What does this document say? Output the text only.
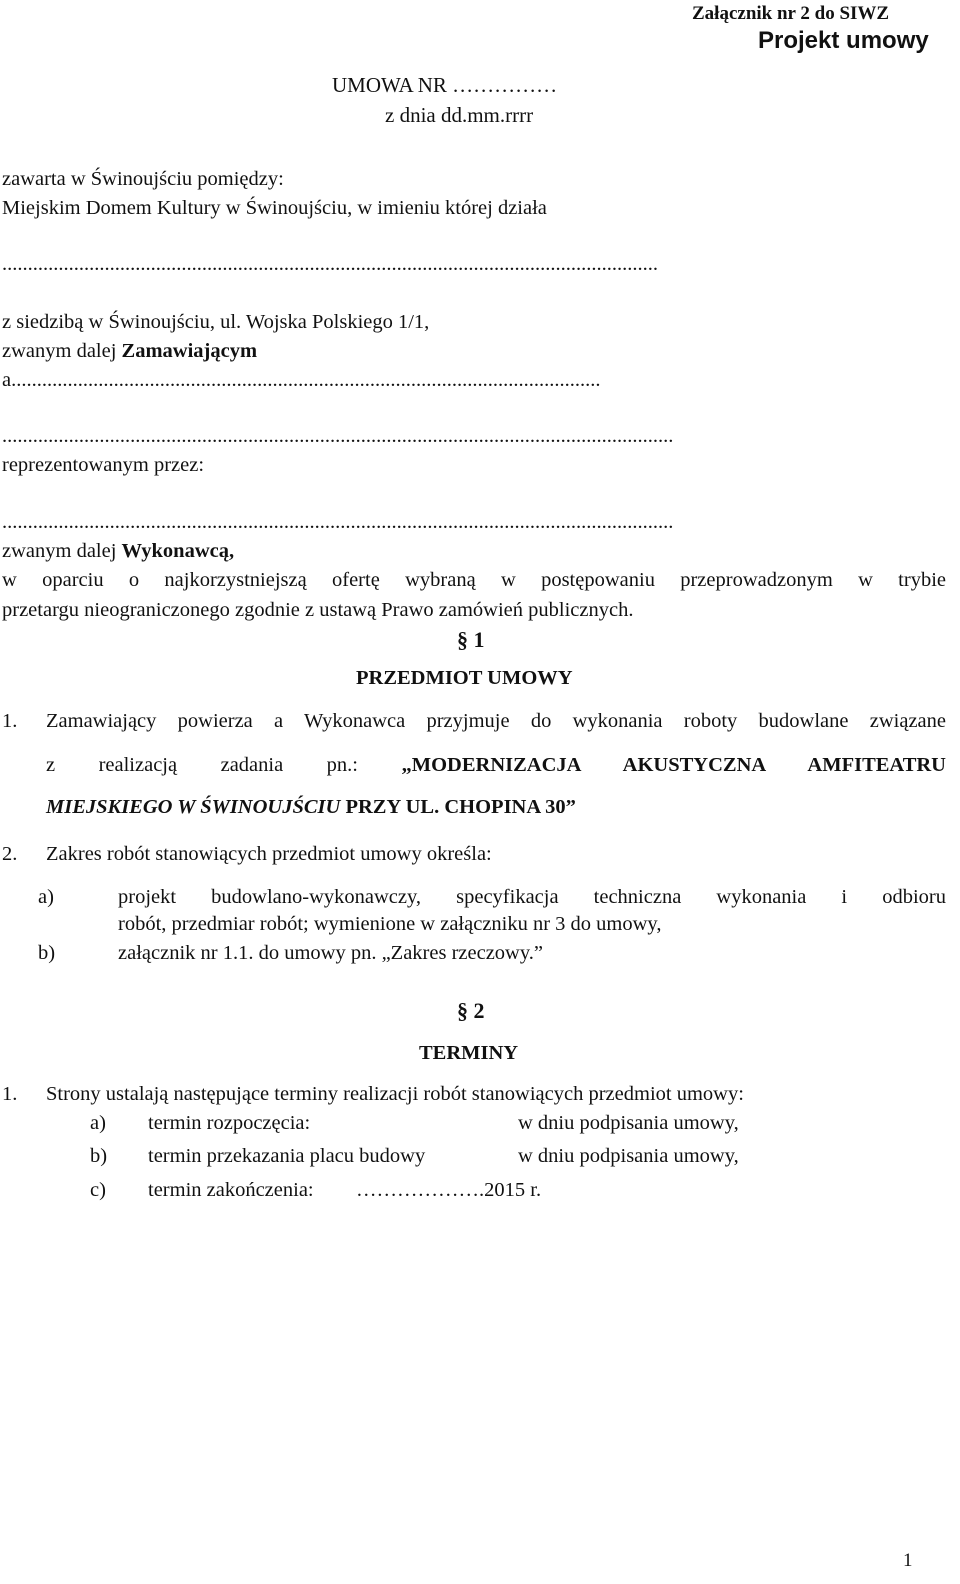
Załącznik nr 2 do SIWZ
Projekt umowy
UMOWA NR ……………
z dnia dd.mm.rrrr
zawarta w Świnoujściu pomiędzy:
Miejskim Domem Kultury w Świnoujściu, w imieniu której działa
................................................................................................................................
z siedzibą w Świnoujściu, ul. Wojska Polskiego 1/1,
zwanym dalej Zamawiającym
a...................................................................................................................
...................................................................................................................................
reprezentowanym przez:
...................................................................................................................................
zwanym dalej Wykonawcą,
w oparciu o najkorzystniejszą ofertę wybraną w postępowaniu przeprowadzonym w trybie
przetargu nieograniczonego zgodnie z ustawą Prawo zamówień publicznych.
§ 1
PRZEDMIOT UMOWY
1. Zamawiający powierza a Wykonawca przyjmuje do wykonania roboty budowlane związane
z realizacją zadania pn.: „MODERNIZACJA AKUSTYCZNA AMFITEATRU
MIEJSKIEGO W ŚWINOUJŚCIU PRZY UL. CHOPINA 30”
2. Zakres robót stanowiących przedmiot umowy określa:
a)	projekt budowlano-wykonawczy, specyfikacja techniczna wykonania i odbioru
robót, przedmiar robót; wymienione w załączniku nr 3 do umowy,
b)	załącznik nr 1.1. do umowy pn. „Zakres rzeczowy.”
§ 2
TERMINY
1. Strony ustalają następujące terminy realizacji robót stanowiących przedmiot umowy:
a) termin rozpoczęcia:	w dniu podpisania umowy,
b) termin przekazania placu budowy	w dniu podpisania umowy,
c) termin zakończenia: ……………….2015 r.
1
